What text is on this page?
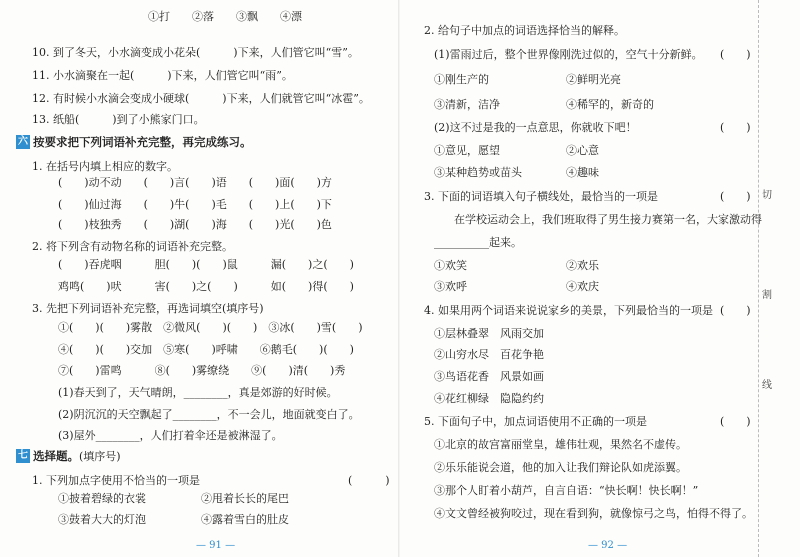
①打　　②落　　③飘　　④漂
10. 到了冬天，小水滴变成小花朵(　　　)下来，人们管它叫“雪”。
11. 小水滴聚在一起(　　　)下来，人们管它叫“雨”。
12. 有时候小水滴会变成小硬球(　　　)下来，人们就管它叫“冰雹”。
13. 纸船(　　　)到了小熊家门口。
六 按要求把下列词语补充完整，再完成练习。
1. 在括号内填上相应的数字。
(　　)动不动　　(　　)言(　　)语　　(　　)面(　　)方
(　　)仙过海　　(　　)牛(　　)毛　　(　　)上(　　)下
(　　)枝独秀　　(　　)湖(　　)海　　(　　)光(　　)色
2. 将下列含有动物名称的词语补充完整。
(　　)吞虎咽　　　胆(　　)(　　)鼠　　　漏(　　)之(　　)
鸡鸣(　　)吠　　　害(　　)之(　　)　　　如(　　)得(　　)
3. 先把下列词语补充完整，再选词填空(填序号)
①(　　)(　　)雾散　②微风(　　)(　　)　③冰(　　)雪(　　)
④(　　)(　　)交加　⑤寒(　　)呼啸　　⑥鹅毛(　　)(　　)
⑦(　　)雷鸣　　　⑧(　　)雾缭绕　　⑨(　　)清(　　)秀
(1)春天到了，天气晴朗，________，真是郊游的好时候。
(2)阴沉沉的天空飘起了________，不一会儿，地面就变白了。
(3)屋外________，人们打着伞还是被淋湿了。
七 选择题。(填序号)
1. 下列加点字使用不恰当的一项是	(　　　)
①披着碧绿的衣裳　　　　　②甩着长长的尾巴
③鼓着大大的灯泡　　　　　④露着雪白的肚皮
— 91 —
2. 给句子中加点的词语选择恰当的解释。
(1)雷雨过后，整个世界像刚洗过似的，空气十分新鲜。 (　　)
①刚生产的　　　　　　　②鲜明光亮
③清新，洁净　　　　　　④稀罕的，新奇的
(2)这不过是我的一点意思，你就收下吧！	(　　)
①意见，愿望　　　　　　②心意
③某种趋势或苗头　　　　④趣味
3. 下面的词语填入句子横线处，最恰当的一项是	(　　)
在学校运动会上，我们班取得了男生接力赛第一名，大家激动得
__________起来。
①欢笑　　　　　　　　　②欢乐
③欢呼　　　　　　　　　④欢庆
4. 如果用两个词语来说说家乡的美景，下列最恰当的一项是 (　　)
①层林叠翠　风雨交加
②山穷水尽　百花争艳
③鸟语花香　风景如画
④花红柳绿　隐隐约约
5. 下面句子中，加点词语使用不正确的一项是	(　　)
①北京的故宫富丽堂皇，雄伟壮观，果然名不虚传。
②乐乐能说会道，他的加入让我们辩论队如虎添翼。
③那个人盯着小葫芦，自言自语：“快长啊！快长啊！”
④文文曾经被狗咬过，现在看到狗，就像惊弓之鸟，怕得不得了。
— 92 —
切
割
线
